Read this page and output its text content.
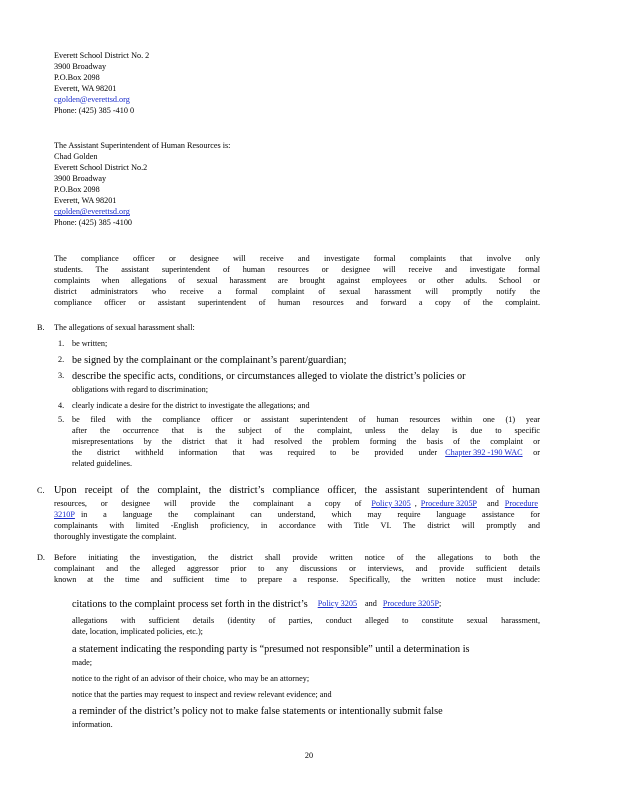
Everett School District No. 2
3900 Broadway
P.O.Box 2098
Everett, WA 98201
cgolden@everettsd.org
Phone: (425) 385 -410 0
The Assistant Superintendent of Human Resources is:
Chad Golden
Everett School District No.2
3900 Broadway
P.O.Box 2098
Everett, WA 98201
cgolden@everettsd.org
Phone: (425) 385 -4100
The compliance officer or designee will receive and investigate formal complaints that involve only
students. The assistant superintendent of human resources or designee will receive and investigate formal
complaints when allegations of sexual harassment are brought against employees or other adults. School or
district administrators who receive a formal complaint of sexual harassment will promptly notify the
compliance officer or assistant superintendent of human resources and forward a copy of the complaint.
B. The allegations of sexual harassment shall:
1. be written;
2. be signed by the complainant or the complainant’s parent/guardian;
3. describe the specific acts, conditions, or circumstances alleged to violate the district’s policies or
obligations with regard to discrimination;
4. clearly indicate a desire for the district to investigate the allegations; and
5. be filed with the compliance officer or assistant superintendent of human resources within one (1) year
after the occurrence that is the subject of the complaint, unless the delay is due to specific
misrepresentations by the district that it had resolved the problem forming the basis of the complaint or
the district withheld information that was required to be provided under Chapter 392 -190 WAC	or
related guidelines.
C. Upon receipt of the complaint, the district’s compliance officer, the assistant superintendent of human
resources, or designee will provide the complainant a copy of	Policy 3205 , Procedure 3205P	and Procedure
3210P in a language the complainant can understand, which may require language assistance for
complainants with limited -English proficiency, in accordance with Title VI. The district will promptly and
thoroughly investigate the complaint.
D. Before initiating the investigation, the district shall provide written notice of the allegations to both the
complainant and the alleged aggressor prior to any discussions or interviews, and provide sufficient details
known at the time and sufficient time to prepare a response. Specifically, the written notice must include:
citations to the complaint process set forth in the district’s	Policy 3205 and Procedure 3205P ;
allegations with sufficient details (identity of parties, conduct alleged to constitute sexual harassment,
date, location, implicated policies, etc.);
a statement indicating the responding party is “presumed not responsible” until a determination is
made;
notice to the right of an advisor of their choice, who may be an attorney;
notice that the parties may request to inspect and review relevant evidence; and
a reminder of the district’s policy not to make false statements or intentionally submit false
information.
20
